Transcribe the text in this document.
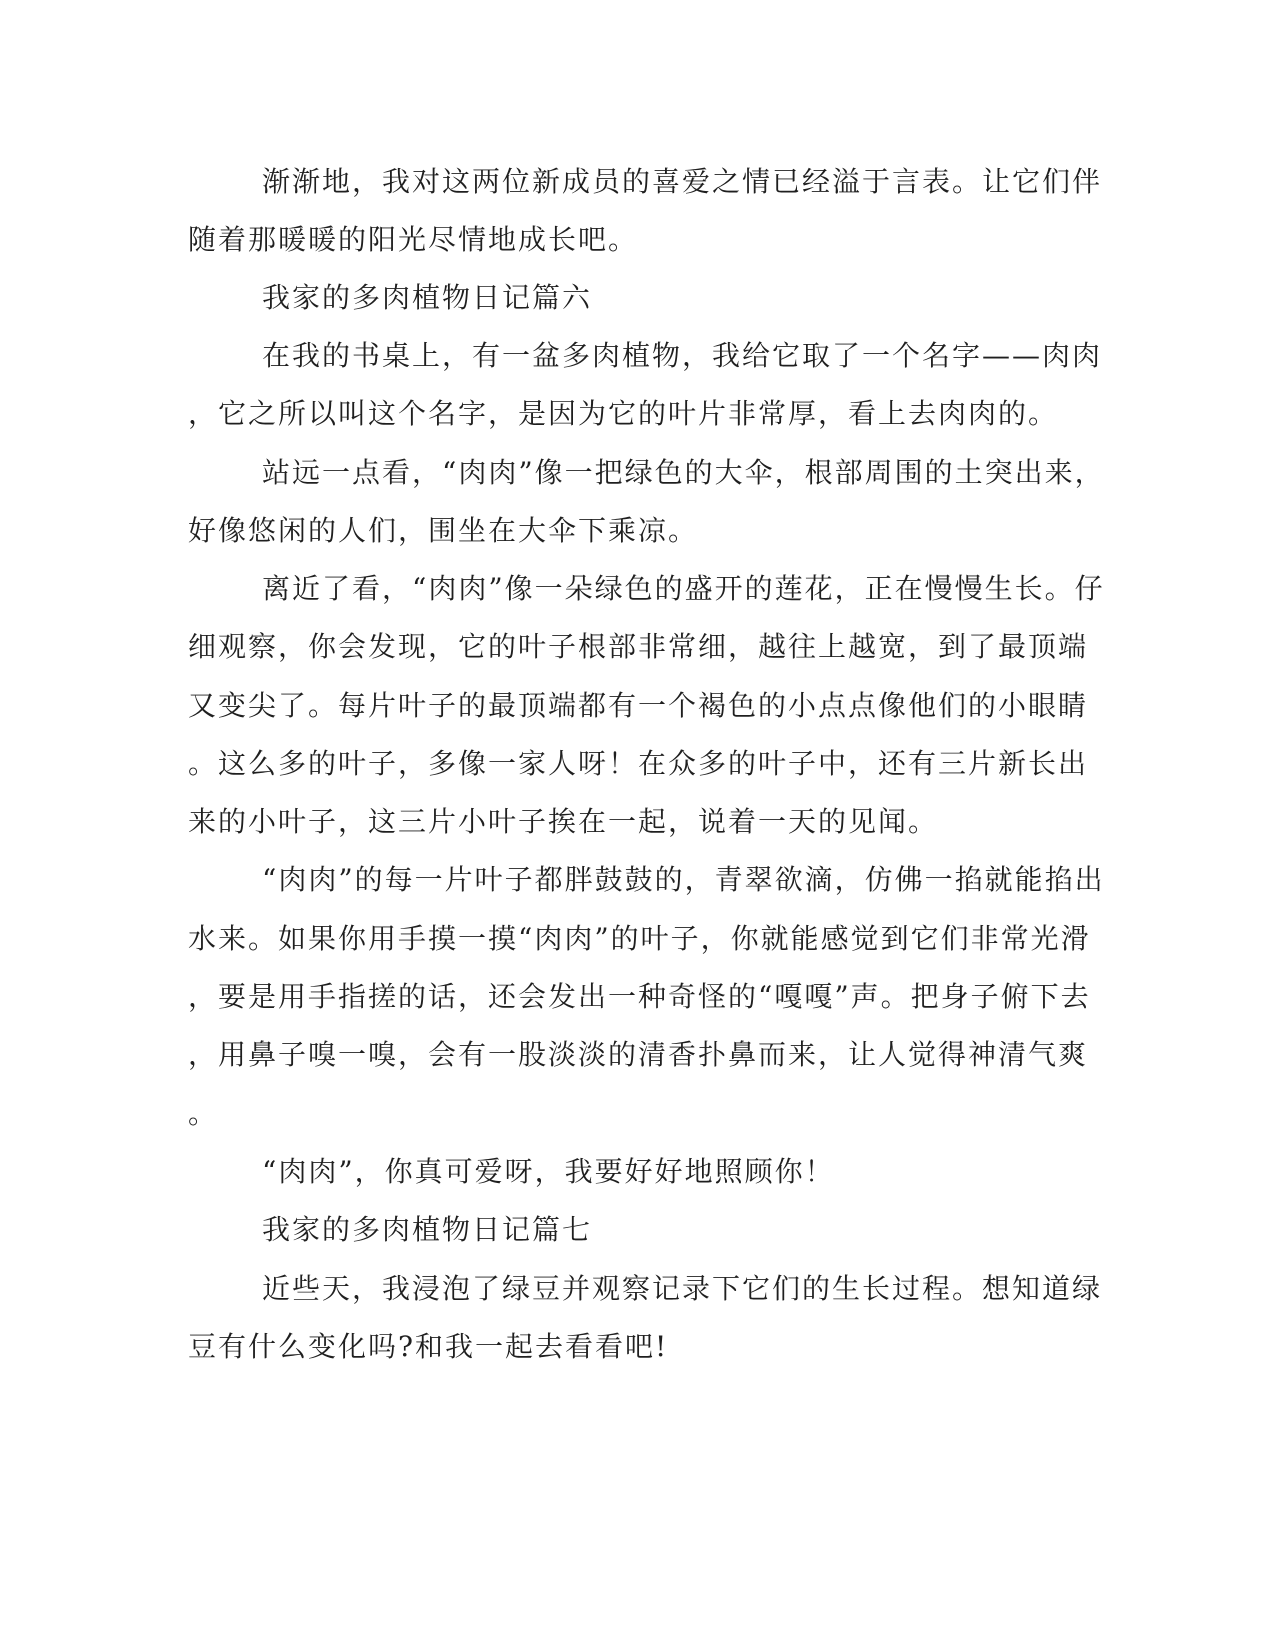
渐渐地，我对这两位新成员的喜爱之情已经溢于言表。让它们伴
随着那暖暖的阳光尽情地成长吧。
我家的多肉植物日记篇六
在我的书桌上，有一盆多肉植物，我给它取了一个名字——肉肉
，它之所以叫这个名字，是因为它的叶片非常厚，看上去肉肉的。
站远一点看，“肉肉”像一把绿色的大伞，根部周围的土突出来，
好像悠闲的人们，围坐在大伞下乘凉。
离近了看，“肉肉”像一朵绿色的盛开的莲花，正在慢慢生长。仔
细观察，你会发现，它的叶子根部非常细，越往上越宽，到了最顶端
又变尖了。每片叶子的最顶端都有一个褐色的小点点像他们的小眼睛
。这么多的叶子，多像一家人呀！在众多的叶子中，还有三片新长出
来的小叶子，这三片小叶子挨在一起，说着一天的见闻。
“肉肉”的每一片叶子都胖鼓鼓的，青翠欲滴，仿佛一掐就能掐出
水来。如果你用手摸一摸“肉肉”的叶子，你就能感觉到它们非常光滑
，要是用手指搓的话，还会发出一种奇怪的“嘎嘎”声。把身子俯下去
，用鼻子嗅一嗅，会有一股淡淡的清香扑鼻而来，让人觉得神清气爽
。
“肉肉”，你真可爱呀，我要好好地照顾你！
我家的多肉植物日记篇七
近些天，我浸泡了绿豆并观察记录下它们的生长过程。想知道绿
豆有什么变化吗?和我一起去看看吧!
